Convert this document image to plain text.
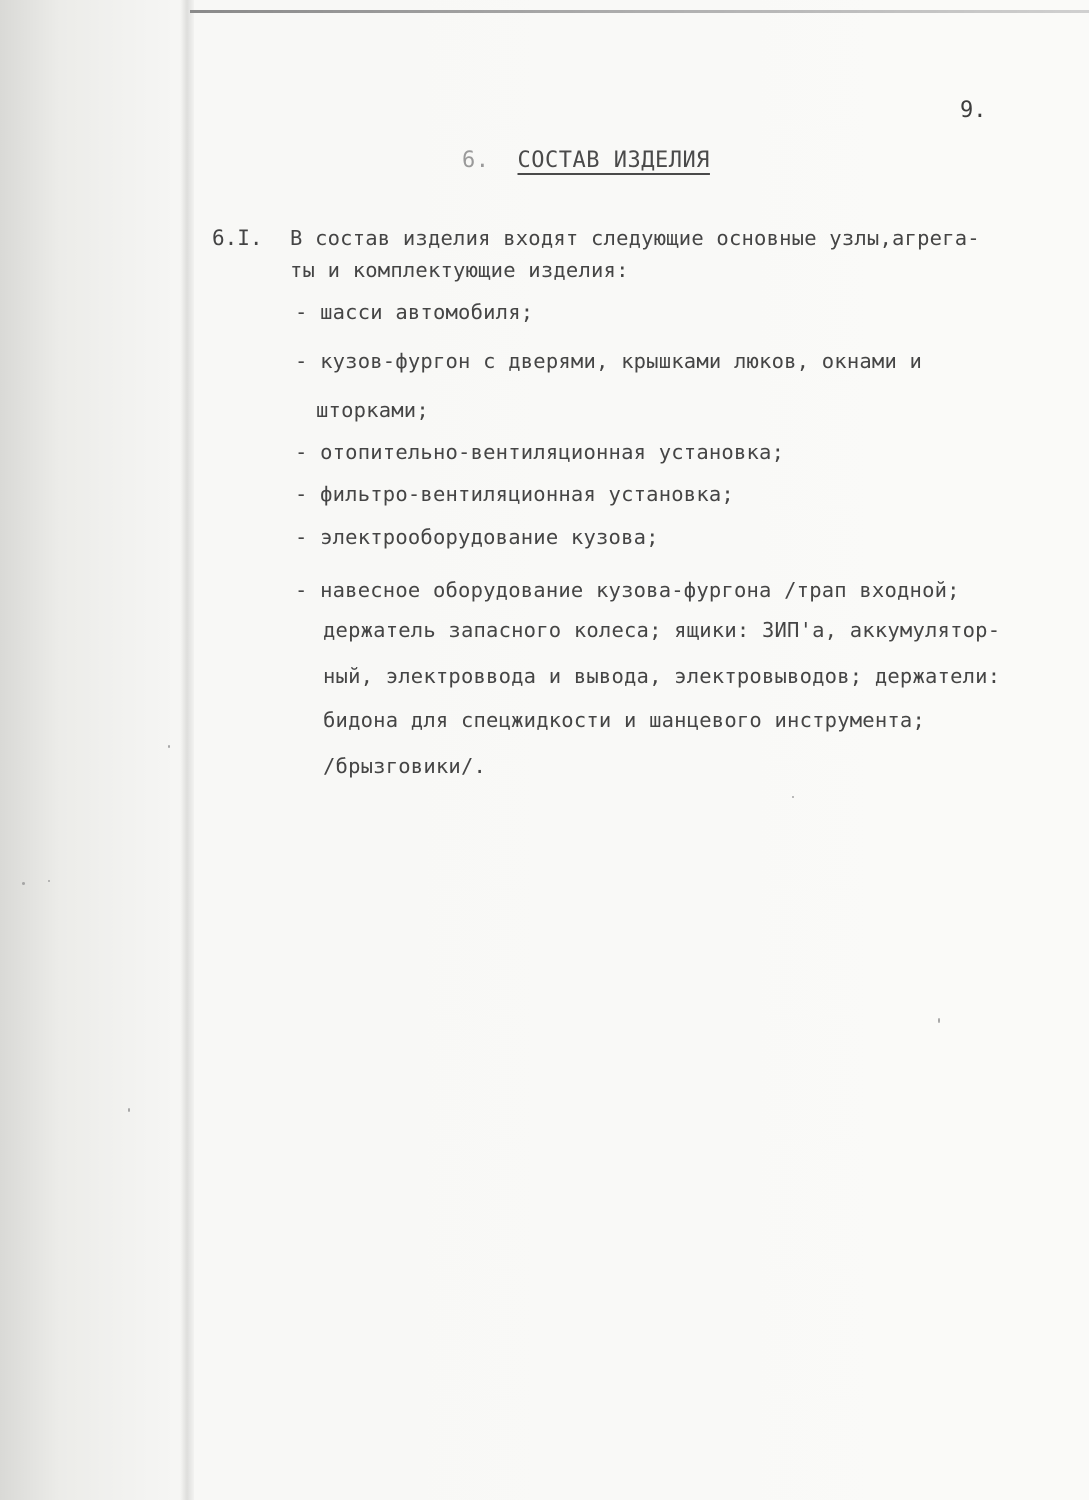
9.
6. СОСТАВ ИЗДЕЛИЯ
6.I. В состав изделия входят следующие основные узлы,агрега-
ты и комплектующие изделия:
- шасси автомобиля;
- кузов-фургон с дверями, крышками люков, окнами и
шторками;
- отопительно-вентиляционная установка;
- фильтро-вентиляционная установка;
- электрооборудование кузова;
- навесное оборудование кузова-фургона /трап входной;
держатель запасного колеса; ящики: ЗИП'а, аккумулятор-
ный, электроввода и вывода, электровыводов; держатели:
бидона для спецжидкости и шанцевого инструмента;
/брызговики/.
